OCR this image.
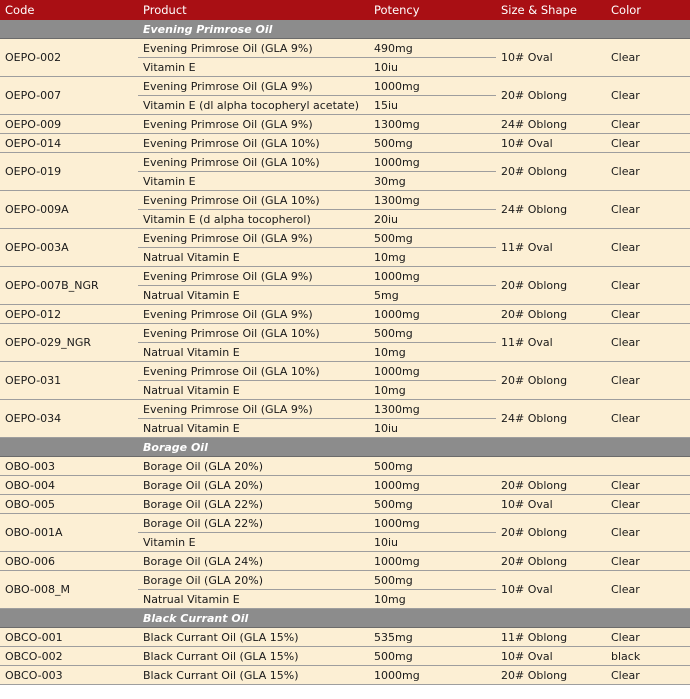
Code	Product	Potency	Size & Shape	Color
	Evening Primrose Oil			
OEPO-002	Evening Primrose Oil (GLA 9%)	490mg	10# Oval	Clear
	Vitamin E	10iu		
OEPO-007	Evening Primrose Oil (GLA 9%)	1000mg	20# Oblong	Clear
	Vitamin E (dl alpha tocopheryl acetate)	15iu		
OEPO-009	Evening Primrose Oil (GLA 9%)	1300mg	24# Oblong	Clear
OEPO-014	Evening Primrose Oil (GLA 10%)	500mg	10# Oval	Clear
OEPO-019	Evening Primrose Oil (GLA 10%)	1000mg	20# Oblong	Clear
	Vitamin E	30mg		
OEPO-009A	Evening Primrose Oil (GLA 10%)	1300mg	24# Oblong	Clear
	Vitamin E (d alpha tocopherol)	20iu		
OEPO-003A	Evening Primrose Oil (GLA 9%)	500mg	11# Oval	Clear
	Natrual Vitamin E	10mg		
OEPO-007B_NGR	Evening Primrose Oil (GLA 9%)	1000mg	20# Oblong	Clear
	Natrual Vitamin E	5mg		
OEPO-012	Evening Primrose Oil (GLA 9%)	1000mg	20# Oblong	Clear
OEPO-029_NGR	Evening Primrose Oil (GLA 10%)	500mg	11# Oval	Clear
	Natrual Vitamin E	10mg		
OEPO-031	Evening Primrose Oil (GLA 10%)	1000mg	20# Oblong	Clear
	Natrual Vitamin E	10mg		
OEPO-034	Evening Primrose Oil (GLA 9%)	1300mg	24# Oblong	Clear
	Natrual Vitamin E	10iu		
	Borage Oil			
OBO-003	Borage Oil (GLA 20%)	500mg		
OBO-004	Borage Oil (GLA 20%)	1000mg	20# Oblong	Clear
OBO-005	Borage Oil (GLA 22%)	500mg	10# Oval	Clear
OBO-001A	Borage Oil (GLA 22%)	1000mg	20# Oblong	Clear
	Vitamin E	10iu		
OBO-006	Borage Oil (GLA 24%)	1000mg	20# Oblong	Clear
OBO-008_M	Borage Oil (GLA 20%)	500mg	10# Oval	Clear
	Natrual Vitamin E	10mg		
	Black Currant Oil			
OBCO-001	Black Currant Oil (GLA 15%)	535mg	11# Oblong	Clear
OBCO-002	Black Currant Oil (GLA 15%)	500mg	10# Oval	black
OBCO-003	Black Currant Oil (GLA 15%)	1000mg	20# Oblong	Clear
